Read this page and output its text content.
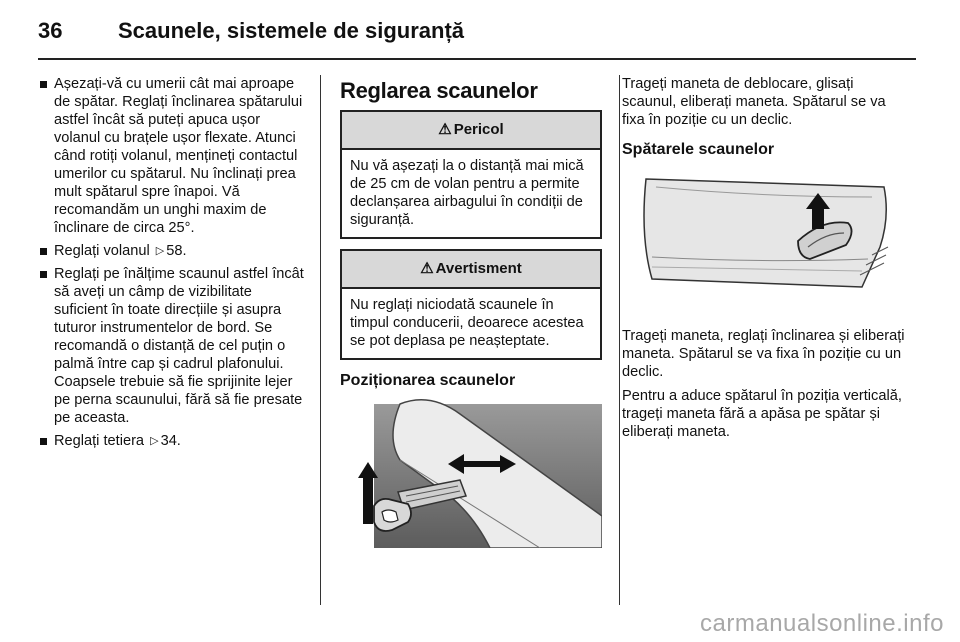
36	Scaunele, sistemele de siguranță
Așezați-vă cu umerii cât mai aproape de spătar. Reglați înclinarea spătarului astfel încât să puteți apuca ușor volanul cu brațele ușor flexate. Atunci când rotiți volanul, mențineți contactul umerilor cu spătarul. Nu înclinați prea mult spătarul spre înapoi. Vă recomandăm un unghi maxim de înclinare de circa 25°.
Reglați volanul ▷ 58.
Reglați pe înălțime scaunul astfel încât să aveți un câmp de vizibilitate suficient în toate direcțiile și asupra tuturor instrumentelor de bord. Se recomandă o distanță de cel puțin o palmă între cap și cadrul plafonului. Coapsele trebuie să fie sprijinite lejer pe perna scaunului, fără să fie presate pe aceasta.
Reglați tetiera ▷ 34.
Reglarea scaunelor
⚠ Pericol
Nu vă așezați la o distanță mai mică de 25 cm de volan pentru a permite declanșarea airbagului în condiții de siguranță.
⚠ Avertisment
Nu reglați niciodată scaunele în timpul conducerii, deoarece acestea se pot deplasa pe neașteptate.
Poziționarea scaunelor

Trageți maneta de deblocare, glisați scaunul, eliberați maneta. Spătarul se va fixa în poziție cu un declic.

Spătarele scaunelor

Trageți maneta, reglați înclinarea și eliberați maneta. Spătarul se va fixa în poziție cu un declic.

Pentru a aduce spătarul în poziția verticală, trageți maneta fără a apăsa pe spătar și eliberați maneta.

carmanualsonline.info
